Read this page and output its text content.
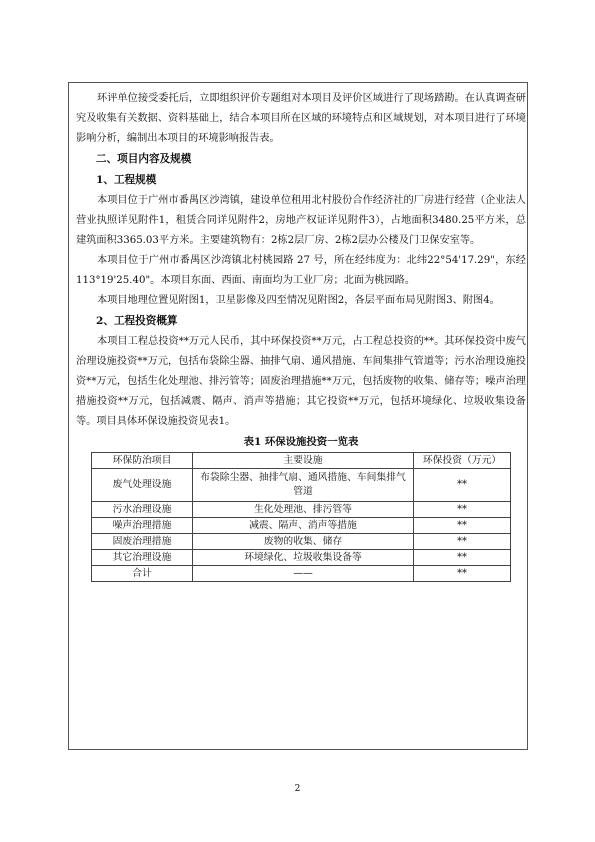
环评单位接受委托后，立即组织评价专题组对本项目及评价区域进行了现场踏勘。在认真调查研究及收集有关数据、资料基础上，结合本项目所在区域的环境特点和区域规划，对本项目进行了环境影响分析，编制出本项目的环境影响报告表。

二、项目内容及规模

1、工程规模

本项目位于广州市番禺区沙湾镇，建设单位租用北村股份合作经济社的厂房进行经营（企业法人营业执照详见附件1，租赁合同详见附件2，房地产权证详见附件3），占地面积3480.25平方米，总建筑面积3365.03平方米。主要建筑物有：2栋2层厂房、2栋2层办公楼及门卫保安室等。

本项目位于广州市番禺区沙湾镇北村桃园路 27 号，所在经纬度为：北纬22°54'17.29"，东经113°19'25.40"。本项目东面、西面、南面均为工业厂房；北面为桃园路。

本项目地理位置见附图1，卫星影像及四至情况见附图2，各层平面布局见附图3、附图4。

2、工程投资概算

本项目工程总投资**万元人民币，其中环保投资**万元，占工程总投资的**。其环保投资中废气治理设施投资**万元，包括布袋除尘器、抽排气扇、通风措施、车间集排气管道等；污水治理设施投资**万元，包括生化处理池、排污管等；固废治理措施**万元，包括废物的收集、储存等；噪声治理措施投资**万元，包括减震、隔声、消声等措施；其它投资**万元，包括环境绿化、垃圾收集设备等。项目具体环保设施投资见表1。

表1 环保设施投资一览表
环保防治项目	主要设施	环保投资（万元）
废气处理设施	布袋除尘器、抽排气扇、通风措施、车间集排气管道	**
污水治理设施	生化处理池、排污管等	**
噪声治理措施	减震、隔声、消声等措施	**
固废治理措施	废物的收集、储存	**
其它治理设施	环境绿化、垃圾收集设备等	**
合计	——	**
2
